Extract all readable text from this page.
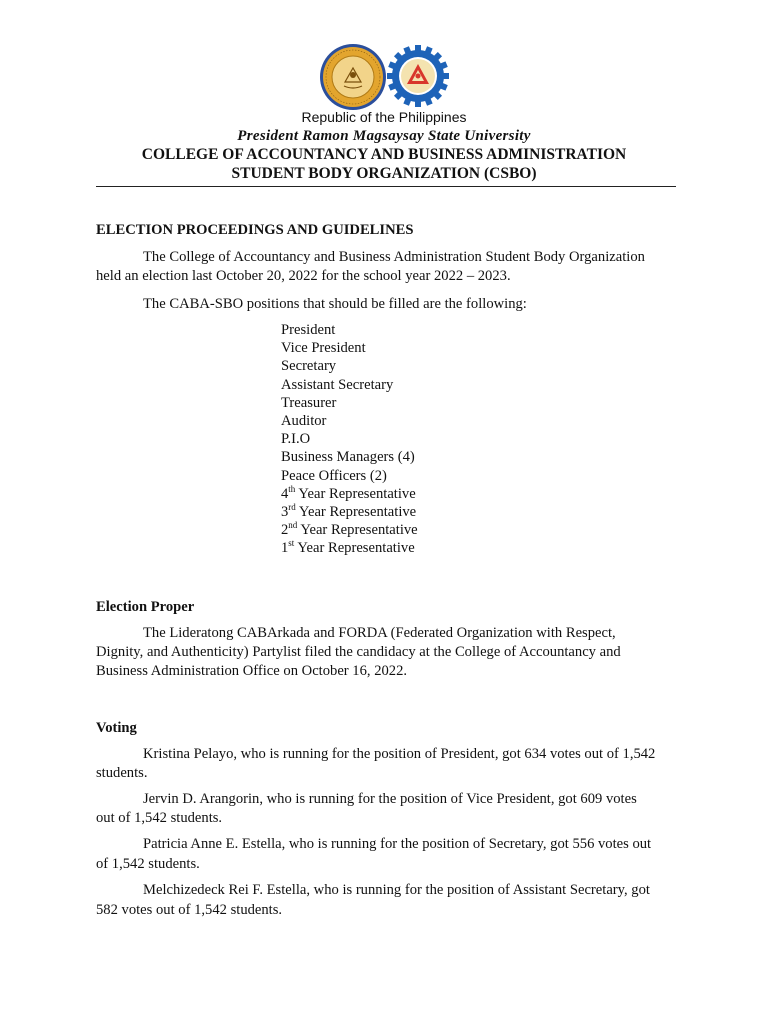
Republic of the Philippines
President Ramon Magsaysay State University
COLLEGE OF ACCOUNTANCY AND BUSINESS ADMINISTRATION
STUDENT BODY ORGANIZATION (CSBO)
ELECTION PROCEEDINGS AND GUIDELINES
The College of Accountancy and Business Administration Student Body Organization
held an election last October 20, 2022 for the school year 2022 – 2023.
The CABA-SBO positions that should be filled are the following:
President
Vice President
Secretary
Assistant Secretary
Treasurer
Auditor
P.I.O
Business Managers (4)
Peace Officers (2)
4th Year Representative
3rd Year Representative
2nd Year Representative
1st Year Representative
Election Proper
The Lideratong CABArkada and FORDA (Federated Organization with Respect,
Dignity, and Authenticity) Partylist filed the candidacy at the College of Accountancy and
Business Administration Office on October 16, 2022.
Voting
Kristina Pelayo, who is running for the position of President, got 634 votes out of 1,542
students.
Jervin D. Arangorin, who is running for the position of Vice President, got 609 votes
out of 1,542 students.
Patricia Anne E. Estella, who is running for the position of Secretary, got 556 votes out
of 1,542 students.
Melchizedeck Rei F. Estella, who is running for the position of Assistant Secretary, got
582 votes out of 1,542 students.
